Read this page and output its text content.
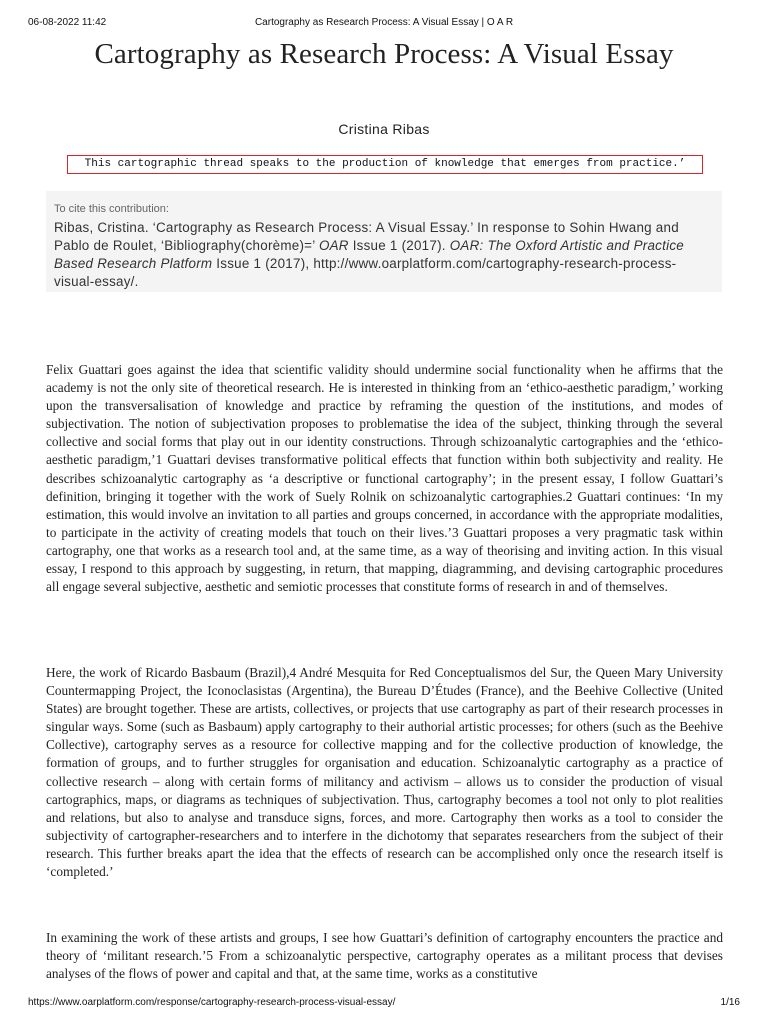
06-08-2022 11:42	Cartography as Research Process: A Visual Essay | O A R
Cartography as Research Process: A Visual Essay
Cristina Ribas
This cartographic thread speaks to the production of knowledge that emerges from practice.’
To cite this contribution:
Ribas, Cristina. ‘Cartography as Research Process: A Visual Essay.’ In response to Sohin Hwang and Pablo de Roulet, ‘Bibliography(chorème)=’ OAR Issue 1 (2017). OAR: The Oxford Artistic and Practice Based Research Platform Issue 1 (2017), http://www.oarplatform.com/cartography-research-process-visual-essay/.

Felix Guattari goes against the idea that scientific validity should undermine social functionality when he affirms that the academy is not the only site of theoretical research. He is interested in thinking from an ‘ethico-aesthetic paradigm,’ working upon the transversalisation of knowledge and practice by reframing the question of the institutions, and modes of subjectivation. The notion of subjectivation proposes to problematise the idea of the subject, thinking through the several collective and social forms that play out in our identity constructions. Through schizoanalytic cartographies and the ‘ethico-aesthetic paradigm,’1 Guattari devises transformative political effects that function within both subjectivity and reality. He describes schizoanalytic cartography as ‘a descriptive or functional cartography’; in the present essay, I follow Guattari’s definition, bringing it together with the work of Suely Rolnik on schizoanalytic cartographies.2 Guattari continues: ‘In my estimation, this would involve an invitation to all parties and groups concerned, in accordance with the appropriate modalities, to participate in the activity of creating models that touch on their lives.’3 Guattari proposes a very pragmatic task within cartography, one that works as a research tool and, at the same time, as a way of theorising and inviting action. In this visual essay, I respond to this approach by suggesting, in return, that mapping, diagramming, and devising cartographic procedures all engage several subjective, aesthetic and semiotic processes that constitute forms of research in and of themselves.

Here, the work of Ricardo Basbaum (Brazil),4 André Mesquita for Red Conceptualismos del Sur, the Queen Mary University Countermapping Project, the Iconoclasistas (Argentina), the Bureau D’Études (France), and the Beehive Collective (United States) are brought together. These are artists, collectives, or projects that use cartography as part of their research processes in singular ways. Some (such as Basbaum) apply cartography to their authorial artistic processes; for others (such as the Beehive Collective), cartography serves as a resource for collective mapping and for the collective production of knowledge, the formation of groups, and to further struggles for organisation and education. Schizoanalytic cartography as a practice of collective research – along with certain forms of militancy and activism – allows us to consider the production of visual cartographics, maps, or diagrams as techniques of subjectivation. Thus, cartography becomes a tool not only to plot realities and relations, but also to analyse and transduce signs, forces, and more. Cartography then works as a tool to consider the subjectivity of cartographer-researchers and to interfere in the dichotomy that separates researchers from the subject of their research. This further breaks apart the idea that the effects of research can be accomplished only once the research itself is ‘completed.’

In examining the work of these artists and groups, I see how Guattari’s definition of cartography encounters the practice and theory of ‘militant research.’5 From a schizoanalytic perspective, cartography operates as a militant process that devises analyses of the flows of power and capital and that, at the same time, works as a constitutive

https://www.oarplatform.com/response/cartography-research-process-visual-essay/	1/16
